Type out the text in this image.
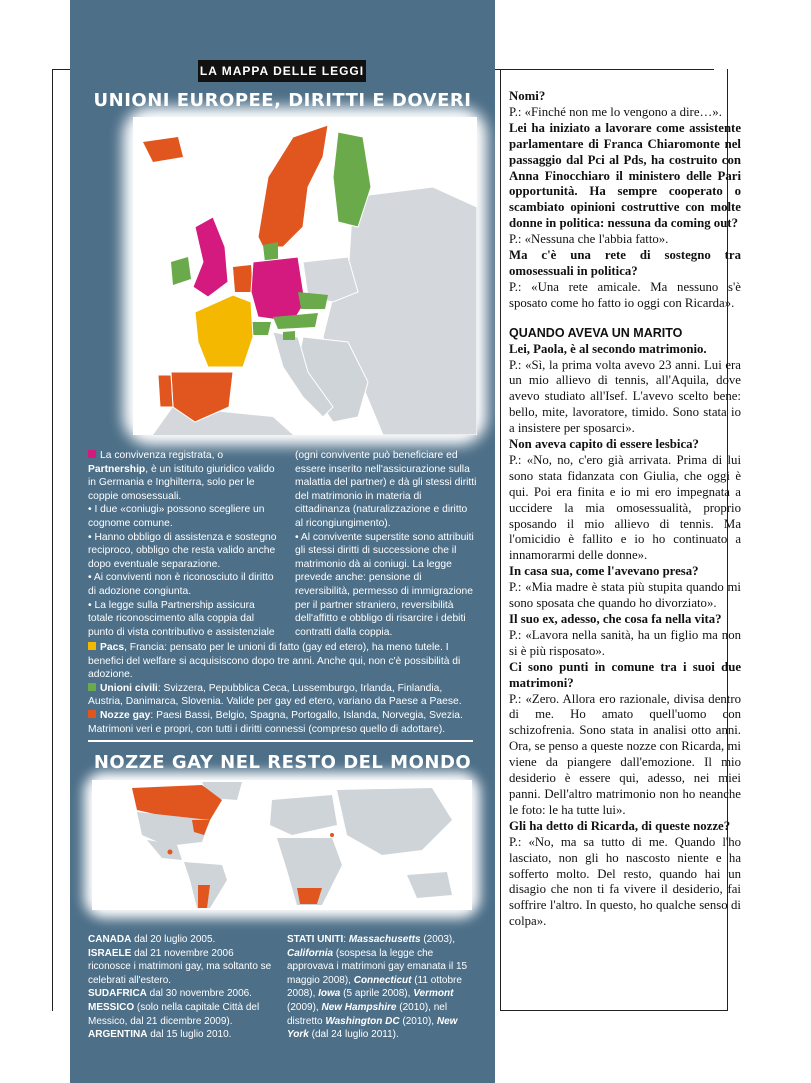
LA MAPPA DELLE LEGGI
UNIONI EUROPEE, DIRITTI E DOVERI

La convivenza registrata, o Partnership, è un istituto giuridico valido in Germania e Inghilterra, solo per le coppie omosessuali.

• I due «coniugi» possono scegliere un cognome comune.

• Hanno obbligo di assistenza e sostegno reciproco, obbligo che resta valido anche dopo eventuale separazione.

• Ai conviventi non è riconosciuto il diritto di adozione congiunta.

• La legge sulla Partnership assicura totale riconoscimento alla coppia dal punto di vista contributivo e assistenziale

(ogni convivente può beneficiare ed essere inserito nell'assicurazione sulla malattia del partner) e dà gli stessi diritti del matrimonio in materia di cittadinanza (naturalizzazione e diritto al ricongiungimento).

• Al convivente superstite sono attribuiti gli stessi diritti di successione che il matrimonio dà ai coniugi. La legge prevede anche: pensione di reversibilità, permesso di immigrazione per il partner straniero, reversibilità dell'affitto e obbligo di risarcire i debiti contratti dalla coppia.

Pacs, Francia: pensato per le unioni di fatto (gay ed etero), ha meno tutele. I benefici del welfare si acquisiscono dopo tre anni. Anche qui, non c'è possibilità di adozione.

Unioni civili: Svizzera, Pepubblica Ceca, Lussemburgo, Irlanda, Finlandia, Austria, Danimarca, Slovenia. Valide per gay ed etero, variano da Paese a Paese.

Nozze gay: Paesi Bassi, Belgio, Spagna, Portogallo, Islanda, Norvegia, Svezia. Matrimoni veri e propri, con tutti i diritti connessi (compreso quello di adottare).

NOZZE GAY NEL RESTO DEL MONDO

CANADA dal 20 luglio 2005.

ISRAELE dal 21 novembre 2006 riconosce i matrimoni gay, ma soltanto se celebrati all'estero.

SUDAFRICA dal 30 novembre 2006.

MESSICO (solo nella capitale Città del Messico, dal 21 dicembre 2009).

ARGENTINA dal 15 luglio 2010.

STATI UNITI: Massachusetts (2003), California (sospesa la legge che approvava i matrimoni gay emanata il 15 maggio 2008), Connecticut (11 ottobre 2008), Iowa (5 aprile 2008), Vermont (2009), New Hampshire (2010), nel distretto Washington DC (2010), New York (dal 24 luglio 2011).

Nomi?

P.: «Finché non me lo vengono a dire…».

Lei ha iniziato a lavorare come assistente parlamentare di Franca Chiaromonte nel passaggio dal Pci al Pds, ha costruito con Anna Finocchiaro il ministero delle Pari opportunità. Ha sempre cooperato o scambiato opinioni costruttive con molte donne in politica: nessuna da coming out?

P.: «Nessuna che l'abbia fatto».

Ma c'è una rete di sostegno tra omosessuali in politica?

P.: «Una rete amicale. Ma nessuno s'è sposato come ho fatto io oggi con Ricarda».

QUANDO AVEVA UN MARITO

Lei, Paola, è al secondo matrimonio.

P.: «Sì, la prima volta avevo 23 anni. Lui era un mio allievo di tennis, all'Aquila, dove avevo studiato all'Isef. L'avevo scelto bene: bello, mite, lavoratore, timido. Sono stata io a insistere per sposarci».

Non aveva capito di essere lesbica?

P.: «No, no, c'ero già arrivata. Prima di lui sono stata fidanzata con Giulia, che oggi è qui. Poi era finita e io mi ero impegnata a uccidere la mia omosessualità, proprio sposando il mio allievo di tennis. Ma l'omicidio è fallito e io ho continuato a innamorarmi delle donne».

In casa sua, come l'avevano presa?

P.: «Mia madre è stata più stupita quando mi sono sposata che quando ho divorziato».

Il suo ex, adesso, che cosa fa nella vita?

P.: «Lavora nella sanità, ha un figlio ma non si è più risposato».

Ci sono punti in comune tra i suoi due matrimoni?

P.: «Zero. Allora ero razionale, divisa dentro di me. Ho amato quell'uomo con schizofrenia. Sono stata in analisi otto anni. Ora, se penso a queste nozze con Ricarda, mi viene da piangere dall'emozione. Il mio desiderio è essere qui, adesso, nei miei panni. Dell'altro matrimonio non ho neanche le foto: le ha tutte lui».

Gli ha detto di Ricarda, di queste nozze?

P.: «No, ma sa tutto di me. Quando l'ho lasciato, non gli ho nascosto niente e ha sofferto molto. Del resto, quando hai un disagio che non ti fa vivere il desiderio, fai soffrire l'altro. In questo, ho qualche senso di colpa».
